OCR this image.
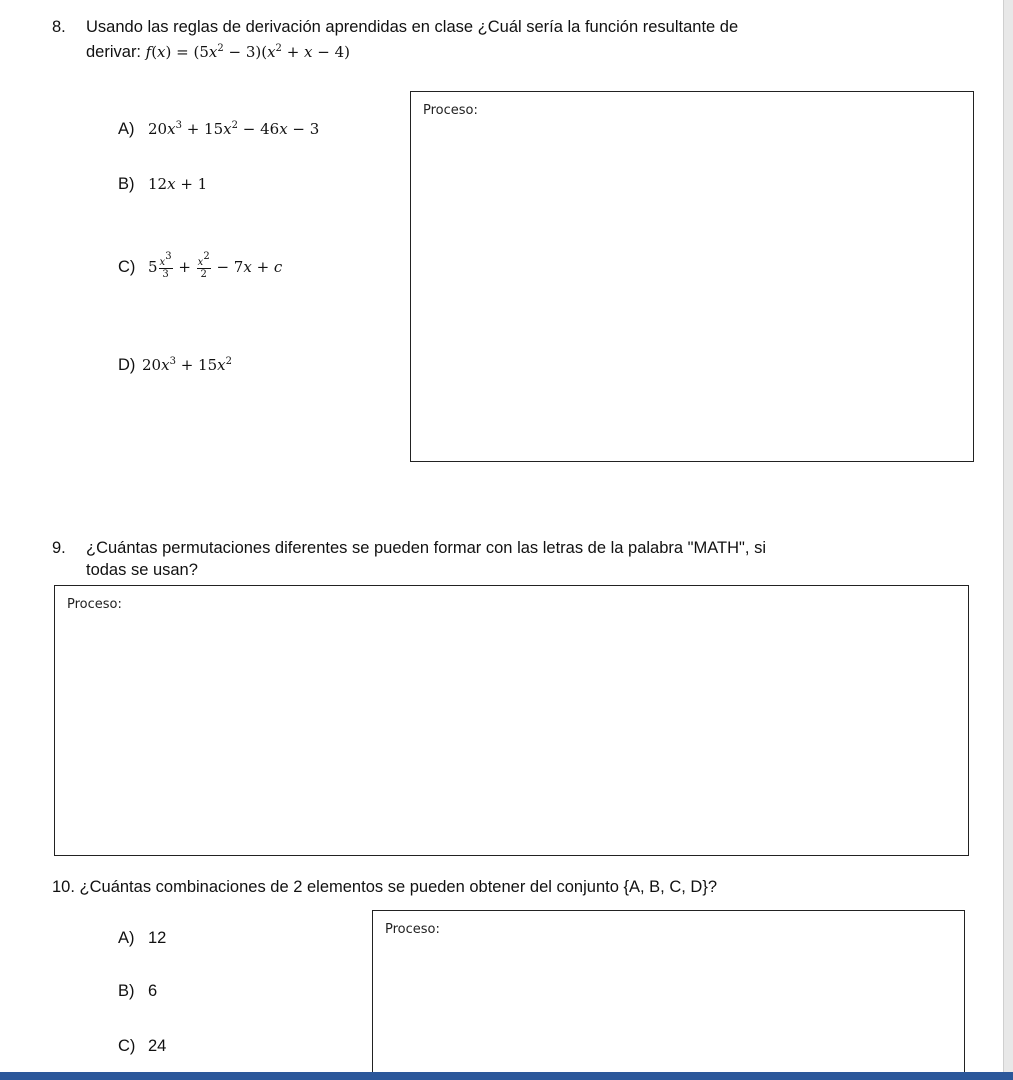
8. Usando las reglas de derivación aprendidas en clase ¿Cuál sería la función resultante de
derivar: $f(x) = (5x^2 - 3)(x^2 + x - 4)$
A) $20x^3 + 15x^2 - 46x - 3$
B) 12x + 1
C) $5 \frac{x^3}{3} + \frac{x^2}{2} - 7x + c$
D) $20x^3 + 15x^2$
Proceso:
9. ¿Cuántas permutaciones diferentes se pueden formar con las letras de la palabra "MATH", si
todas se usan?
Proceso:
10. ¿Cuántas combinaciones de 2 elementos se pueden obtener del conjunto {A, B, C, D}?
A) 12
B) 6
C) 24
Proceso:
